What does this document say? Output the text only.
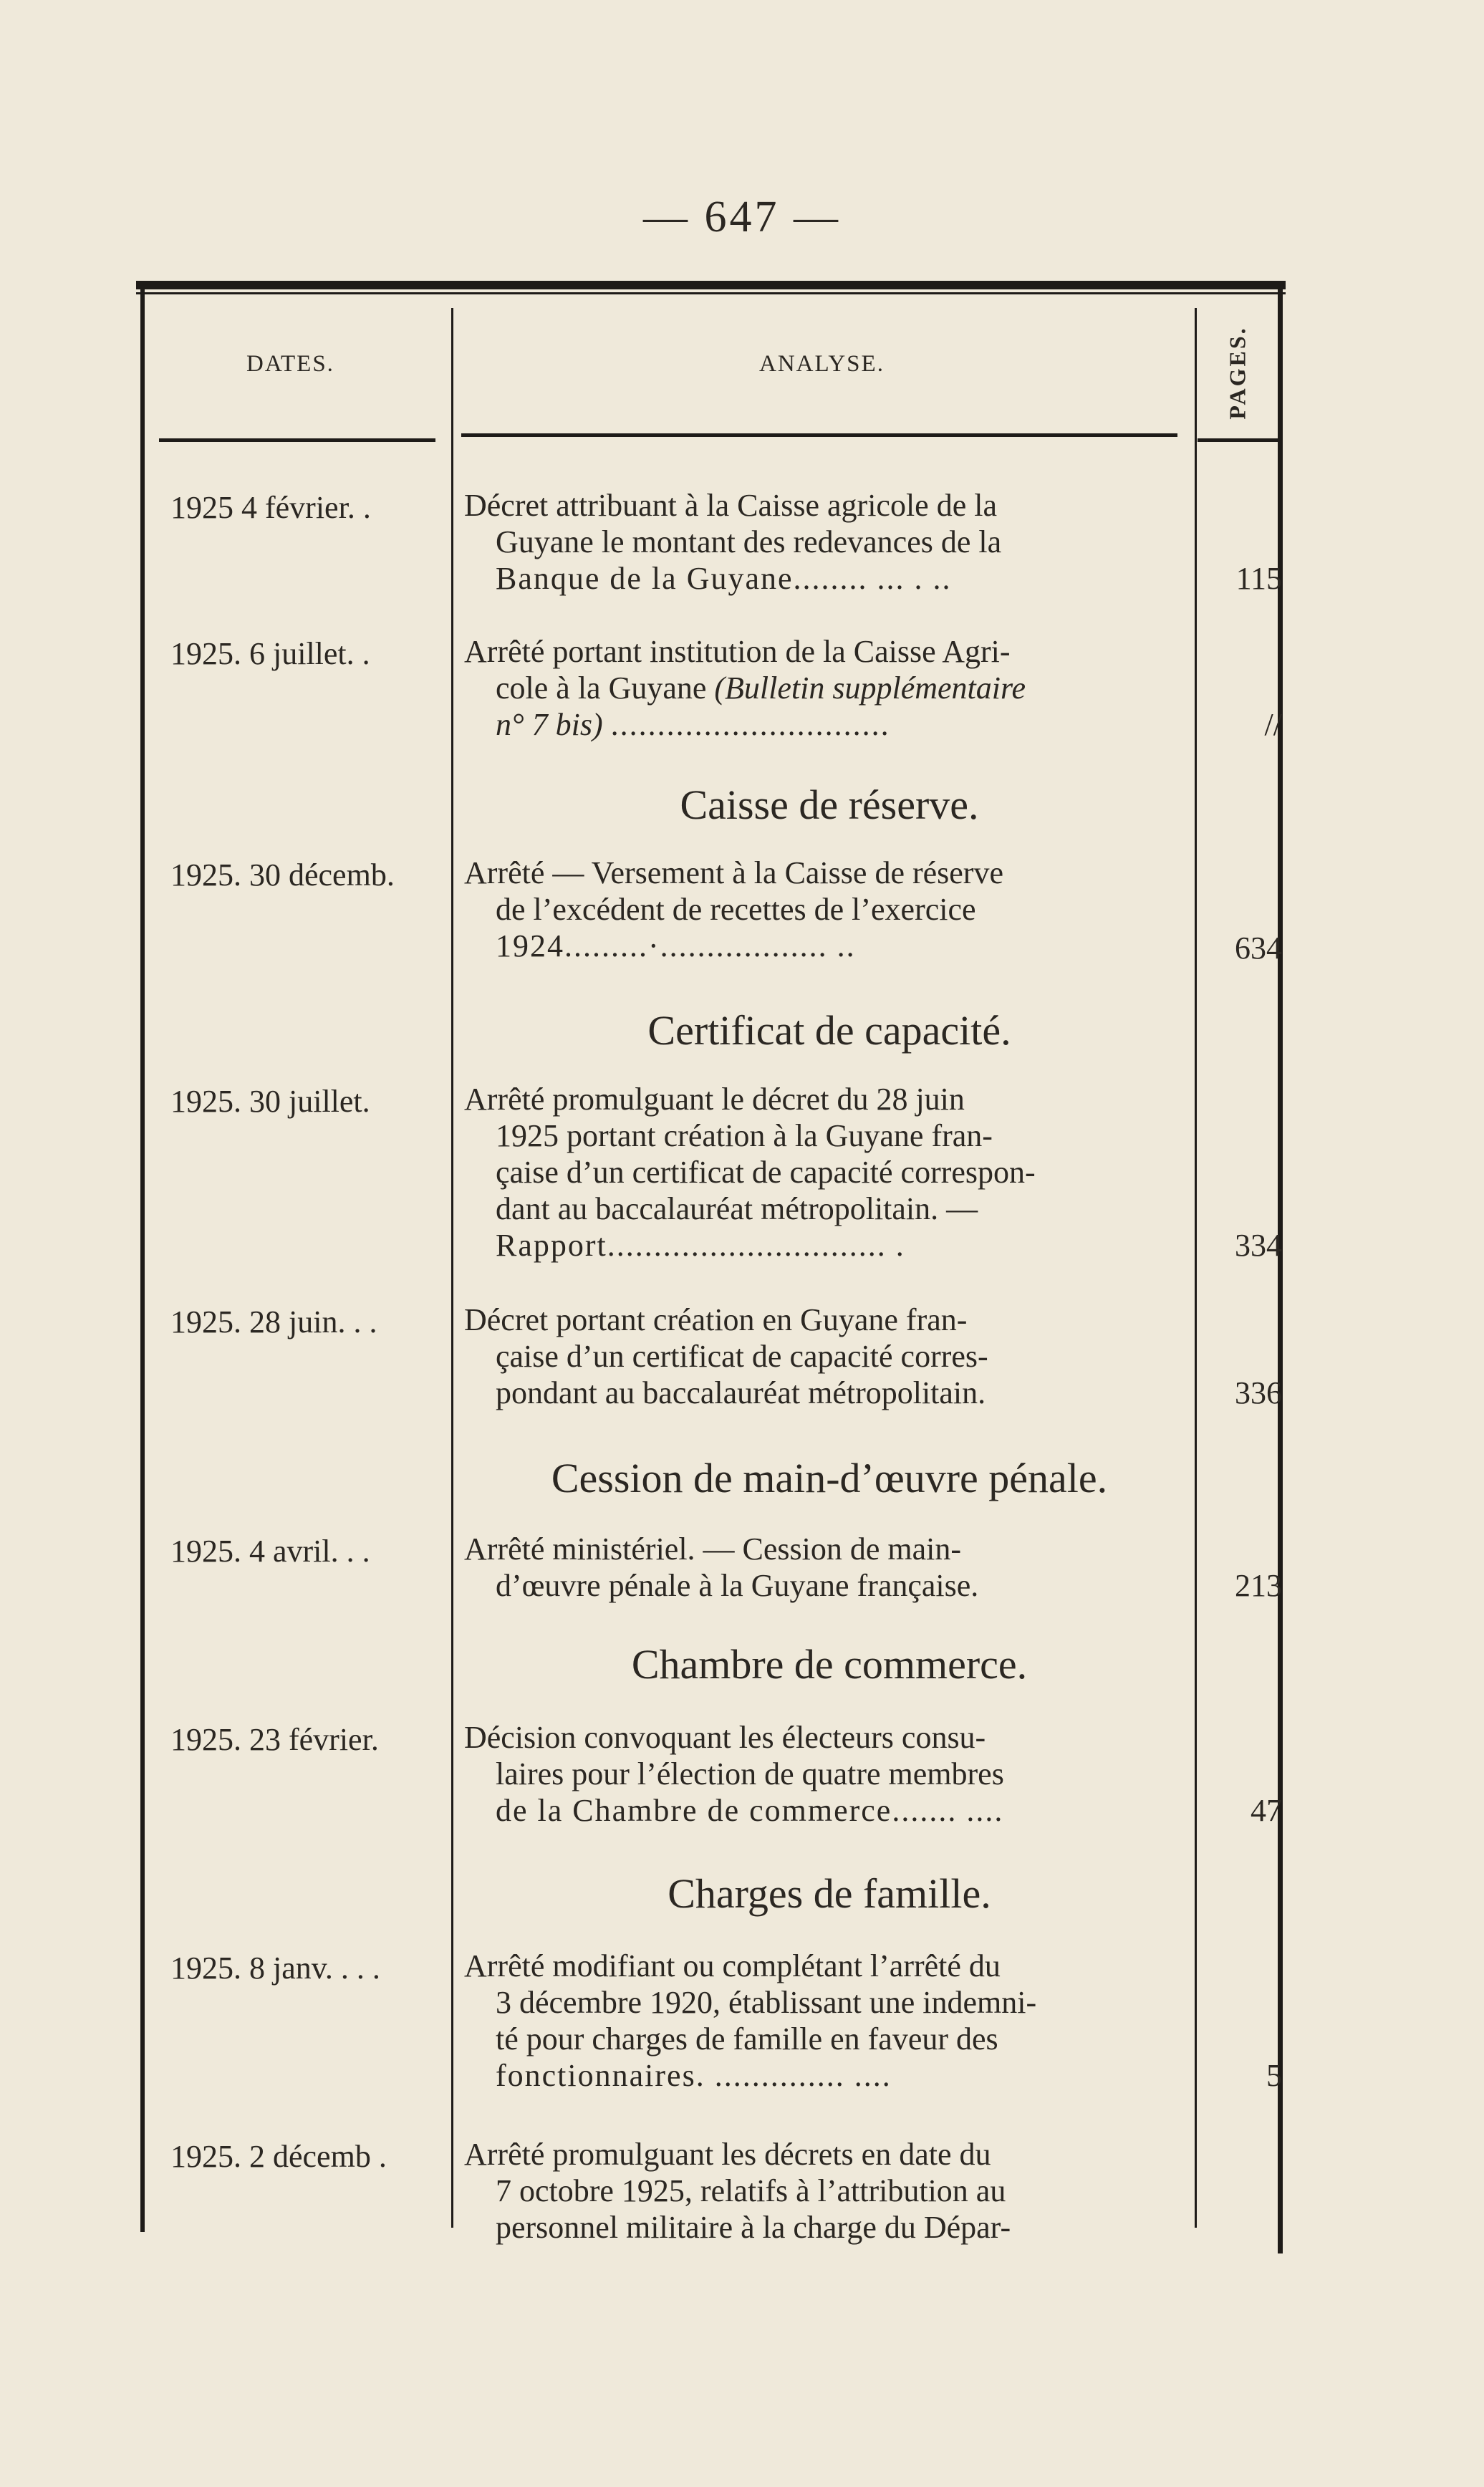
— 647 —
DATES.	ANALYSE.	PAGES.
1925 4 février. .	Décret attribuant à la Caisse agricole de la
Guyane le montant des redevances de la
Banque de la Guyane........ ... . ..	115
1925. 6 juillet. .	Arrêté portant institution de la Caisse Agri-
cole à la Guyane (Bulletin supplémentaire
n° 7 bis) ..............................	//
Caisse de réserve.
1925. 30 décemb.	Arrêté — Versement à la Caisse de réserve
de l’excédent de recettes de l’exercice
1924.........·.................. ..	634
Certificat de capacité.
1925. 30 juillet.	Arrêté promulguant le décret du 28 juin
1925 portant création à la Guyane fran-
çaise d’un certificat de capacité correspon-
dant au baccalauréat métropolitain. —
Rapport.............................. .	334
1925. 28 juin. . .	Décret portant création en Guyane fran-
çaise d’un certificat de capacité corres-
pondant au baccalauréat métropolitain.	336
Cession de main-d’œuvre pénale.
1925. 4 avril. . .	Arrêté ministériel. — Cession de main-
d’œuvre pénale à la Guyane française.	213
Chambre de commerce.
1925. 23 février.	Décision convoquant les électeurs consu-
laires pour l’élection de quatre membres
de la Chambre de commerce....... ....	47
Charges de famille.
1925. 8 janv. . . .	Arrêté modifiant ou complétant l’arrêté du
3 décembre 1920, établissant une indemni-
té pour charges de famille en faveur des
fonctionnaires. .............. ....	5
1925. 2 décemb .	Arrêté promulguant les décrets en date du
7 octobre 1925, relatifs à l’attribution au
personnel militaire à la charge du Dépar-
